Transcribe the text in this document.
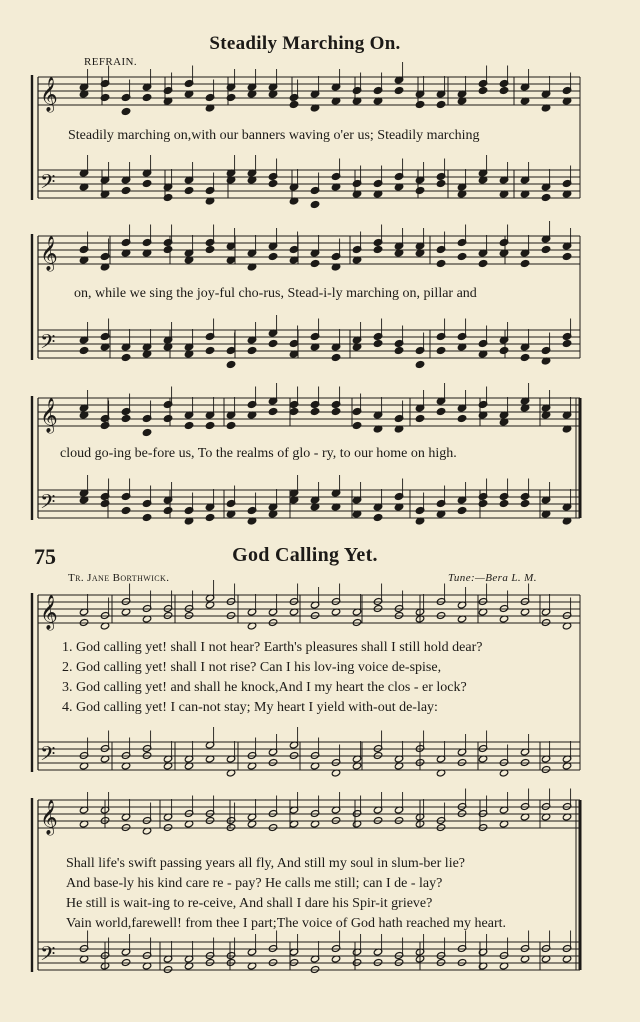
𝄞
𝄢
𝄞
𝄢
𝄞
𝄢
𝄞
𝄢
𝄞
𝄢
Steadily Marching On.
REFRAIN.
Steadily marching on,with our banners waving o'er us; Steadily marching
on, while we sing the joy-ful cho-rus, Stead-i-ly marching on, pillar and
cloud go-ing be-fore us, To the realms of glo - ry, to our home on high.
75	God Calling Yet.
Tr. Jane Borthwick.	Tune:—Bera L. M.
1. God calling yet! shall I not hear? Earth's pleasures shall I still hold dear?
2. God calling yet! shall I not rise? Can I his lov-ing voice de-spise,
3. God calling yet! and shall he knock,And I my heart the clos - er lock?
4. God calling yet! I can-not stay; My heart I yield with-out de-lay:
Shall life's swift passing years all fly, And still my soul in slum-ber lie?
And base-ly his kind care re - pay? He calls me still; can I de - lay?
He still is wait-ing to re-ceive, And shall I dare his Spir-it grieve?
Vain world,farewell! from thee I part;The voice of God hath reached my heart.
